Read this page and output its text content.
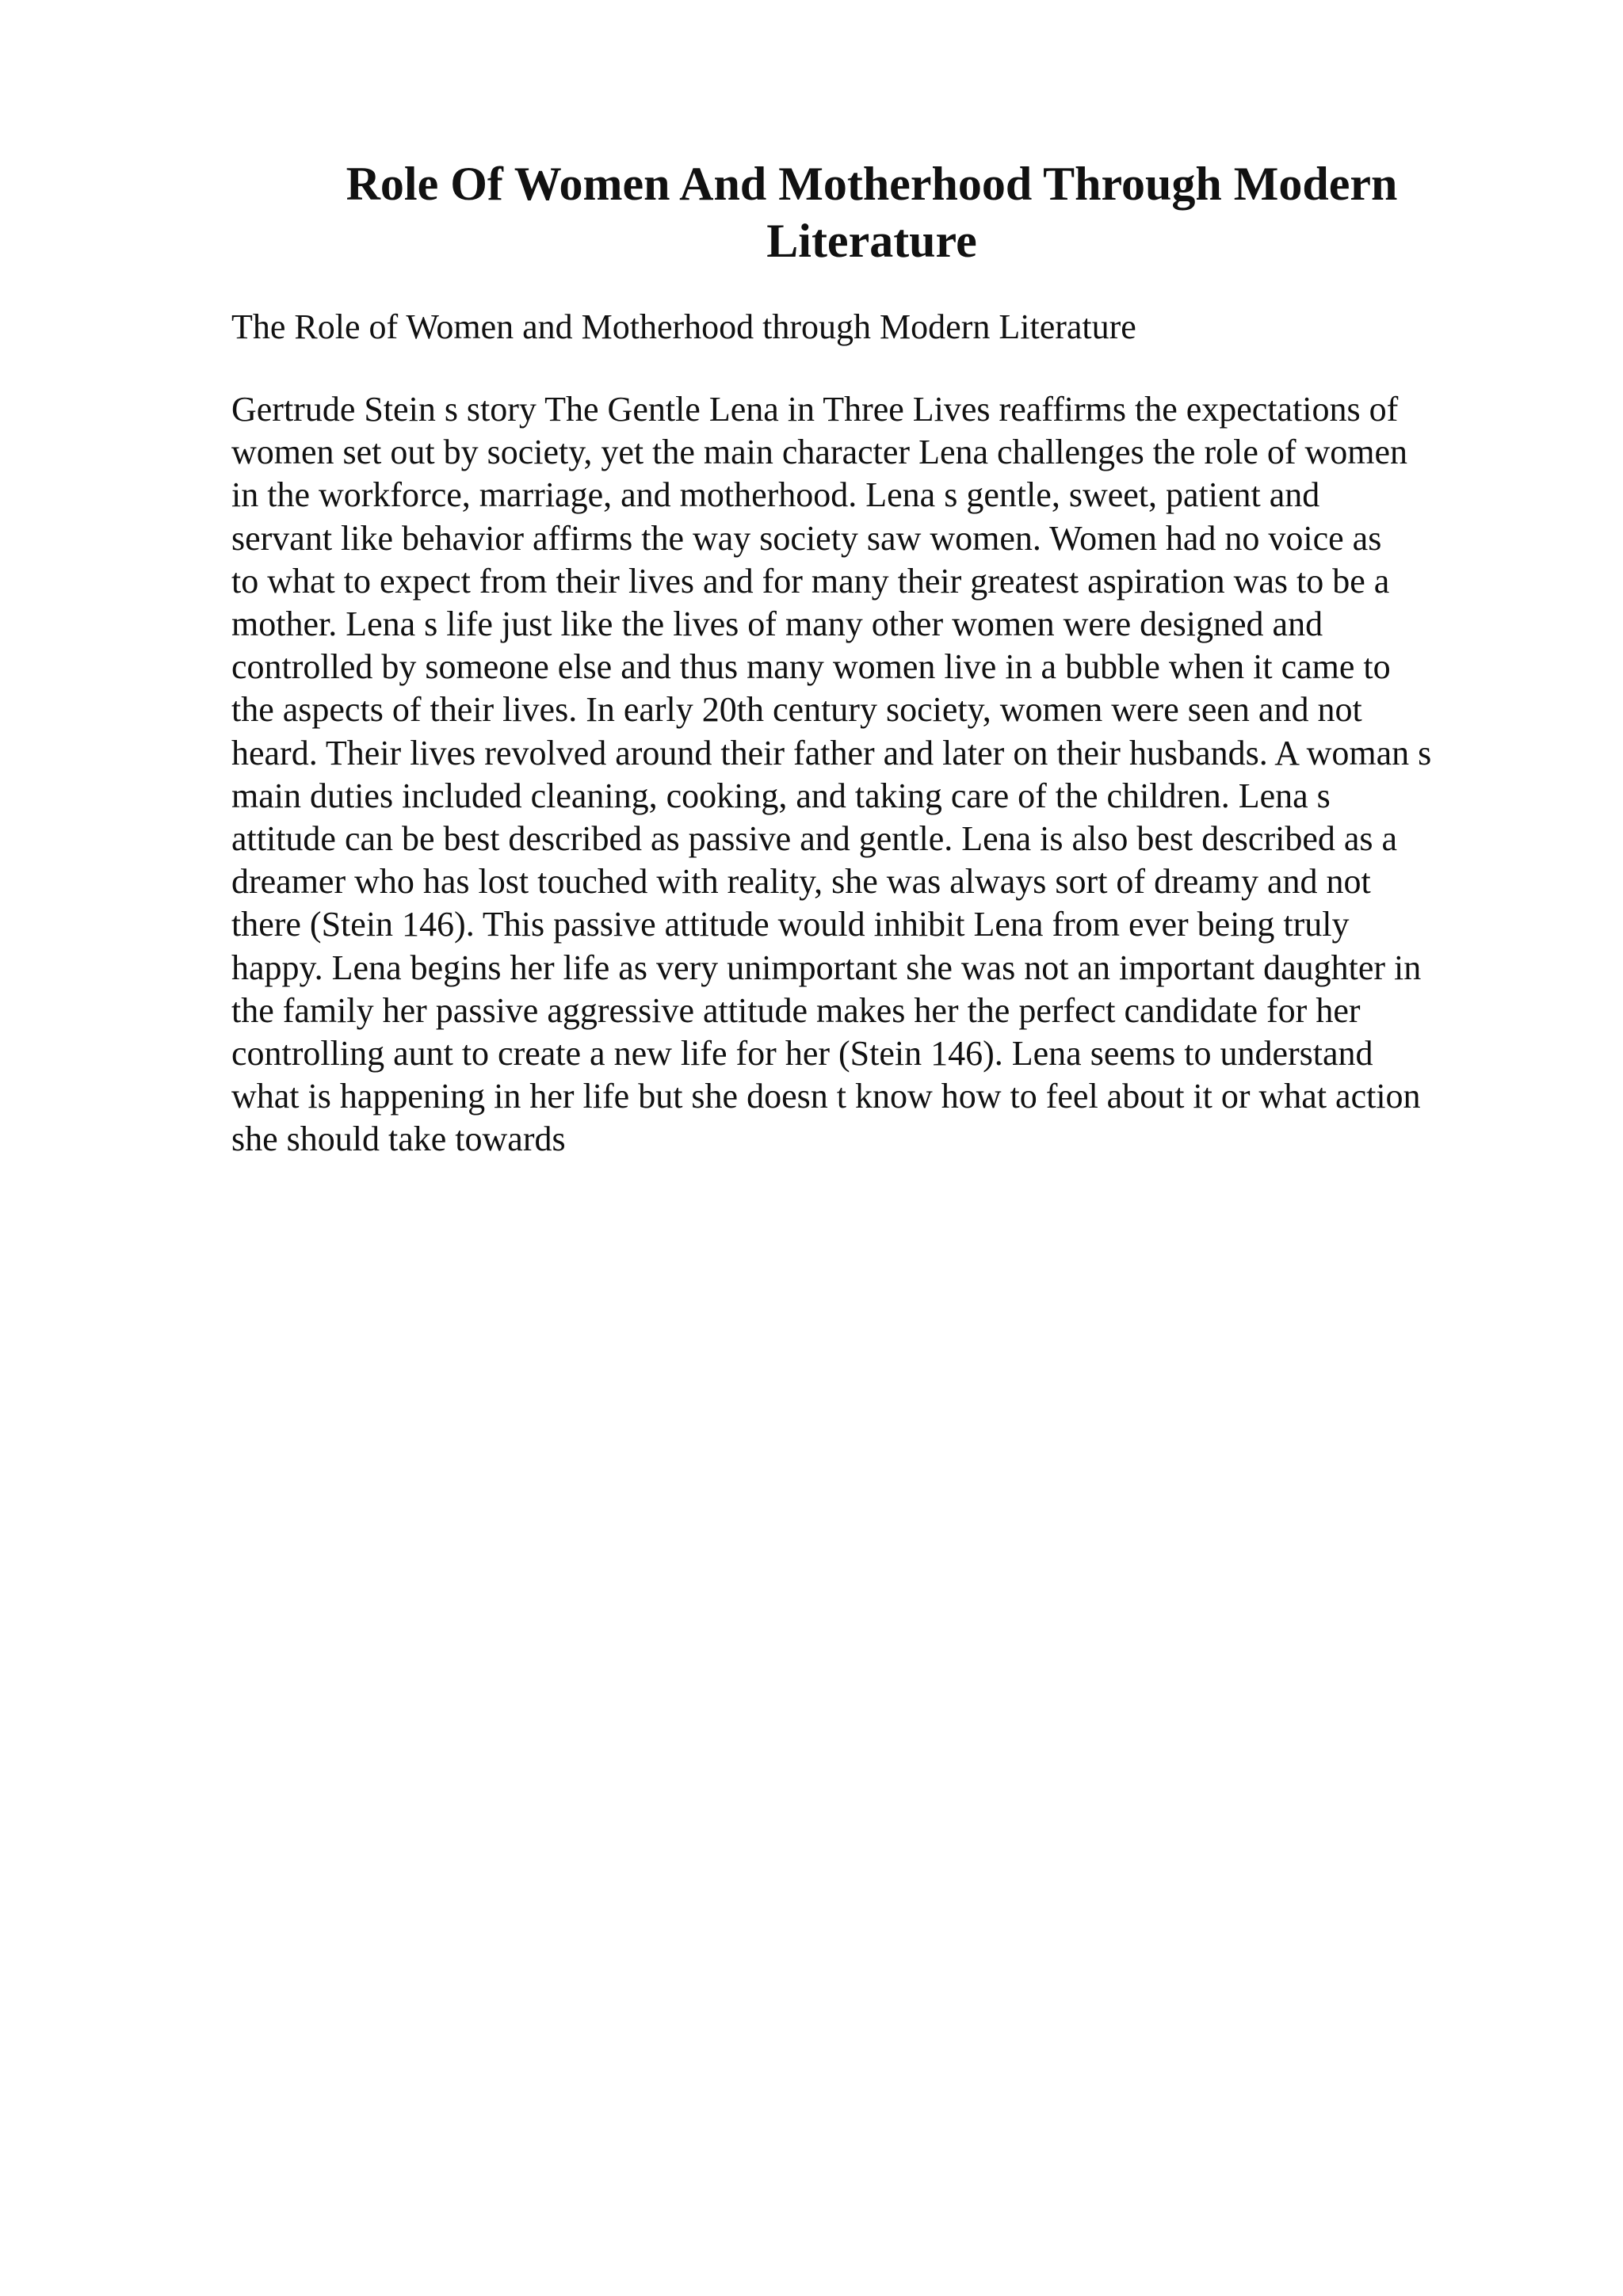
Role Of Women And Motherhood Through Modern Literature

The Role of Women and Motherhood through Modern Literature

Gertrude Stein s story The Gentle Lena in Three Lives reaffirms the expectations of
women set out by society, yet the main character Lena challenges the role of women
in the workforce, marriage, and motherhood. Lena s gentle, sweet, patient and
servant like behavior affirms the way society saw women. Women had no voice as
to what to expect from their lives and for many their greatest aspiration was to be a
mother. Lena s life just like the lives of many other women were designed and
controlled by someone else and thus many women live in a bubble when it came to
the aspects of their lives. In early 20th century society, women were seen and not
heard. Their lives revolved around their father and later on their husbands. A woman s
main duties included cleaning, cooking, and taking care of the children. Lena s
attitude can be best described as passive and gentle. Lena is also best described as a
dreamer who has lost touched with reality, she was always sort of dreamy and not
there (Stein 146). This passive attitude would inhibit Lena from ever being truly
happy. Lena begins her life as very unimportant she was not an important daughter in
the family her passive aggressive attitude makes her the perfect candidate for her
controlling aunt to create a new life for her (Stein 146). Lena seems to understand
what is happening in her life but she doesn t know how to feel about it or what action
she should take towards
